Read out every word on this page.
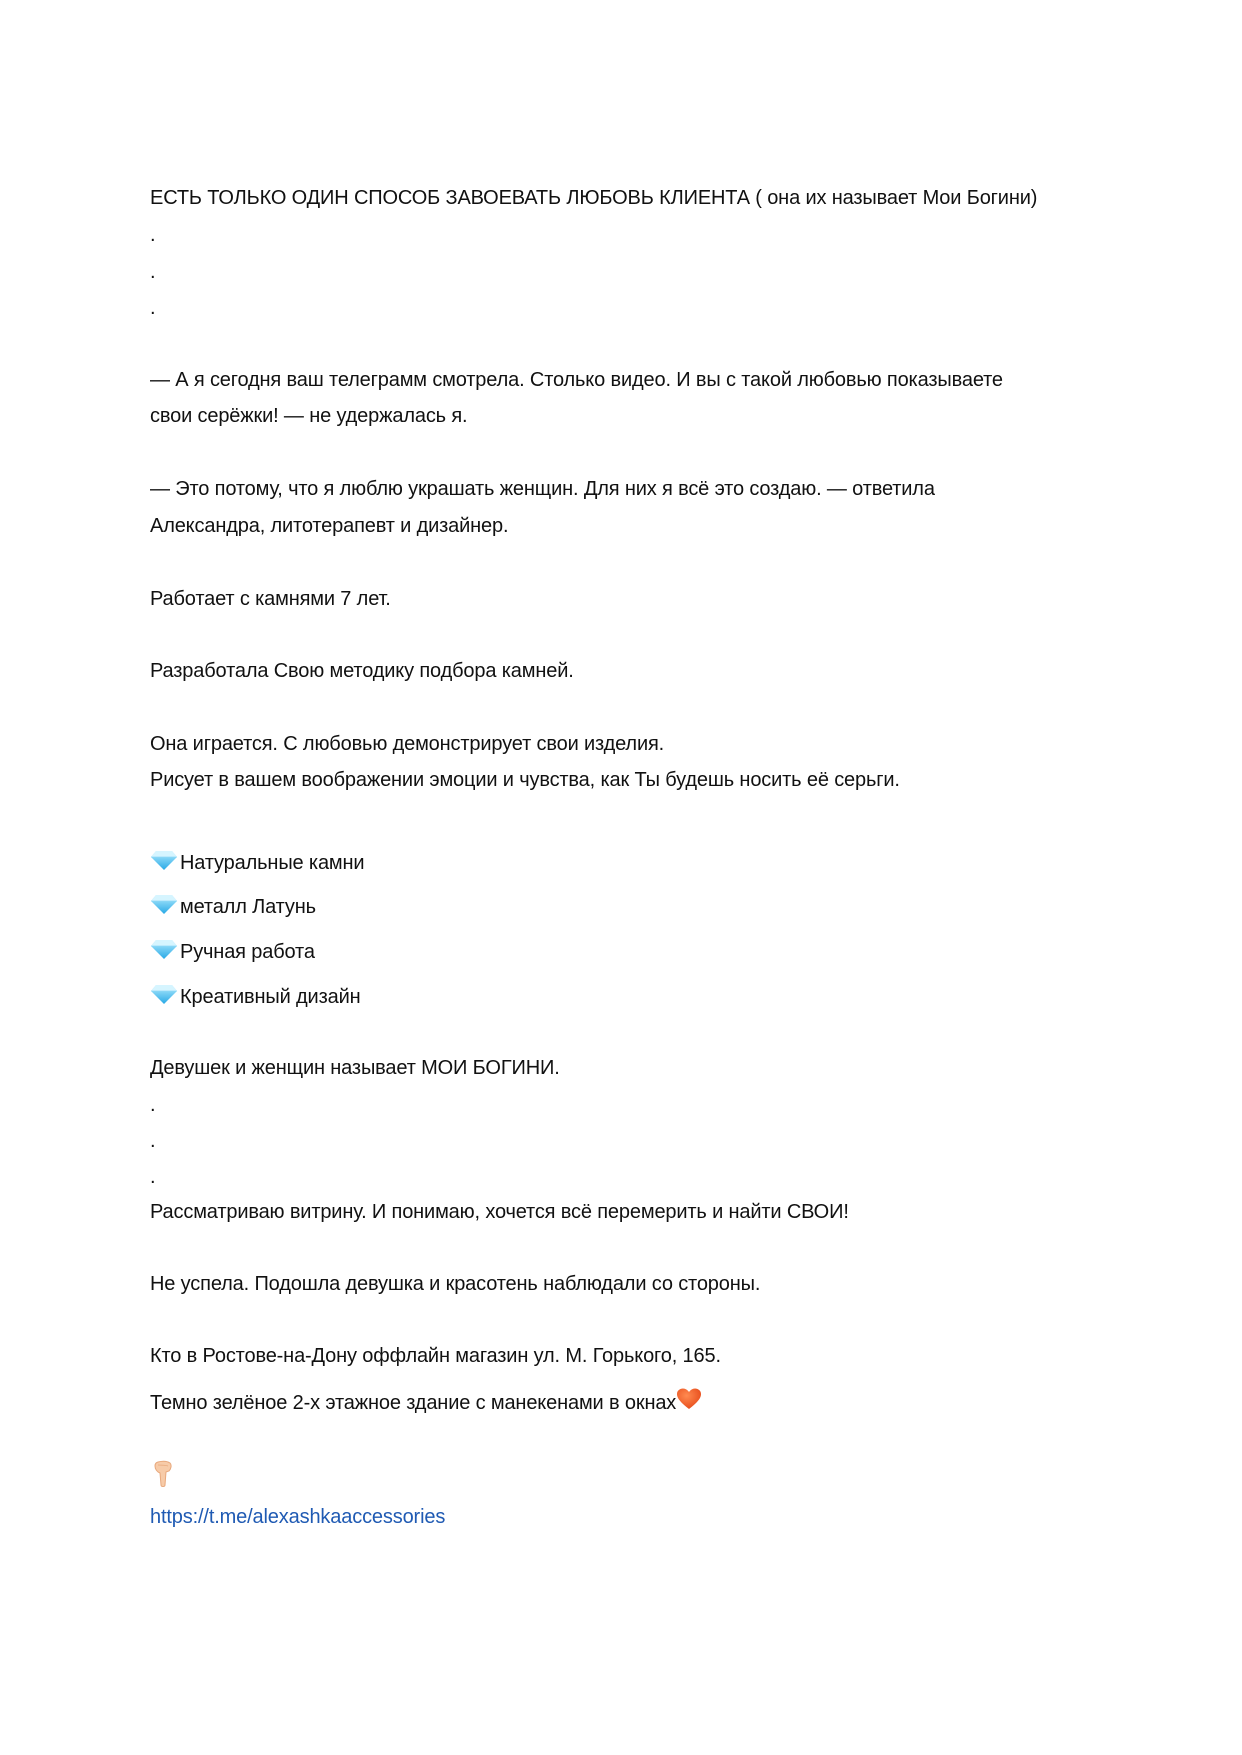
ЕСТЬ ТОЛЬКО ОДИН СПОСОБ ЗАВОЕВАТЬ ЛЮБОВЬ КЛИЕНТА ( она их называет Мои Богини)
.
.
.
— А я сегодня ваш телеграмм смотрела. Столько видео. И вы с такой любовью показываете
свои серёжки! — не удержалась я.
— Это потому, что я люблю украшать женщин. Для них я всё это создаю. — ответила
Александра, литотерапевт и дизайнер.
Работает с камнями 7 лет.
Разработала Свою методику подбора камней.
Она играется. С любовью демонстрирует свои изделия.
Рисует в вашем воображении эмоции и чувства, как Ты будешь носить её серьги.
Натуральные камни
металл Латунь
Ручная работа
Креативный дизайн
Девушек и женщин называет МОИ БОГИНИ.
.
.
.
Рассматриваю витрину. И понимаю, хочется всё перемерить и найти СВОИ!
Не успела. Подошла девушка и красотень наблюдали со стороны.
Кто в Ростове-на-Дону оффлайн магазин ул. М. Горького, 165.
Темно зелёное 2-х этажное здание с манекенами в окнах
https://t.me/alexashkaaccessories
